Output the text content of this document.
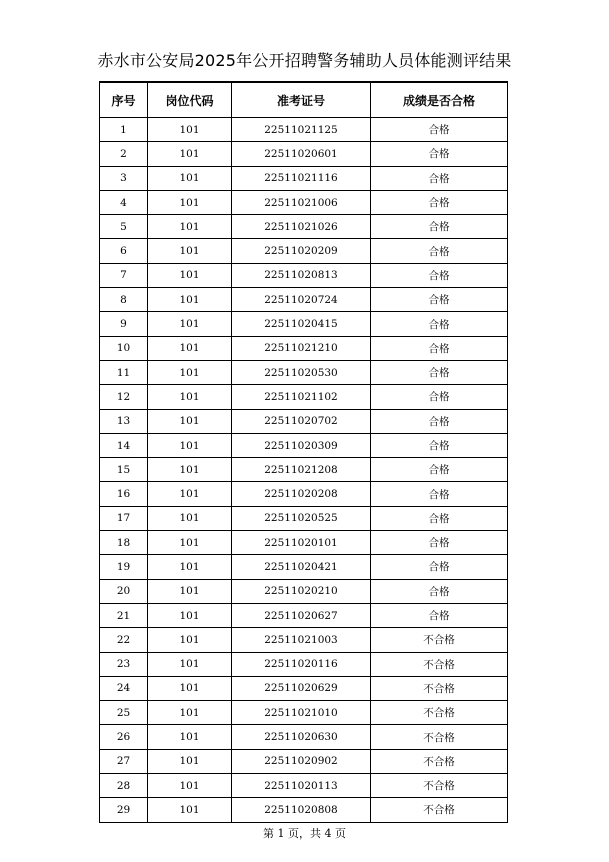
赤水市公安局2025年公开招聘警务辅助人员体能测评结果
序号	岗位代码	准考证号	成绩是否合格
1	101	22511021125	合格
2	101	22511020601	合格
3	101	22511021116	合格
4	101	22511021006	合格
5	101	22511021026	合格
6	101	22511020209	合格
7	101	22511020813	合格
8	101	22511020724	合格
9	101	22511020415	合格
10	101	22511021210	合格
11	101	22511020530	合格
12	101	22511021102	合格
13	101	22511020702	合格
14	101	22511020309	合格
15	101	22511021208	合格
16	101	22511020208	合格
17	101	22511020525	合格
18	101	22511020101	合格
19	101	22511020421	合格
20	101	22511020210	合格
21	101	22511020627	合格
22	101	22511021003	不合格
23	101	22511020116	不合格
24	101	22511020629	不合格
25	101	22511021010	不合格
26	101	22511020630	不合格
27	101	22511020902	不合格
28	101	22511020113	不合格
29	101	22511020808	不合格
第 1 页，共 4 页
